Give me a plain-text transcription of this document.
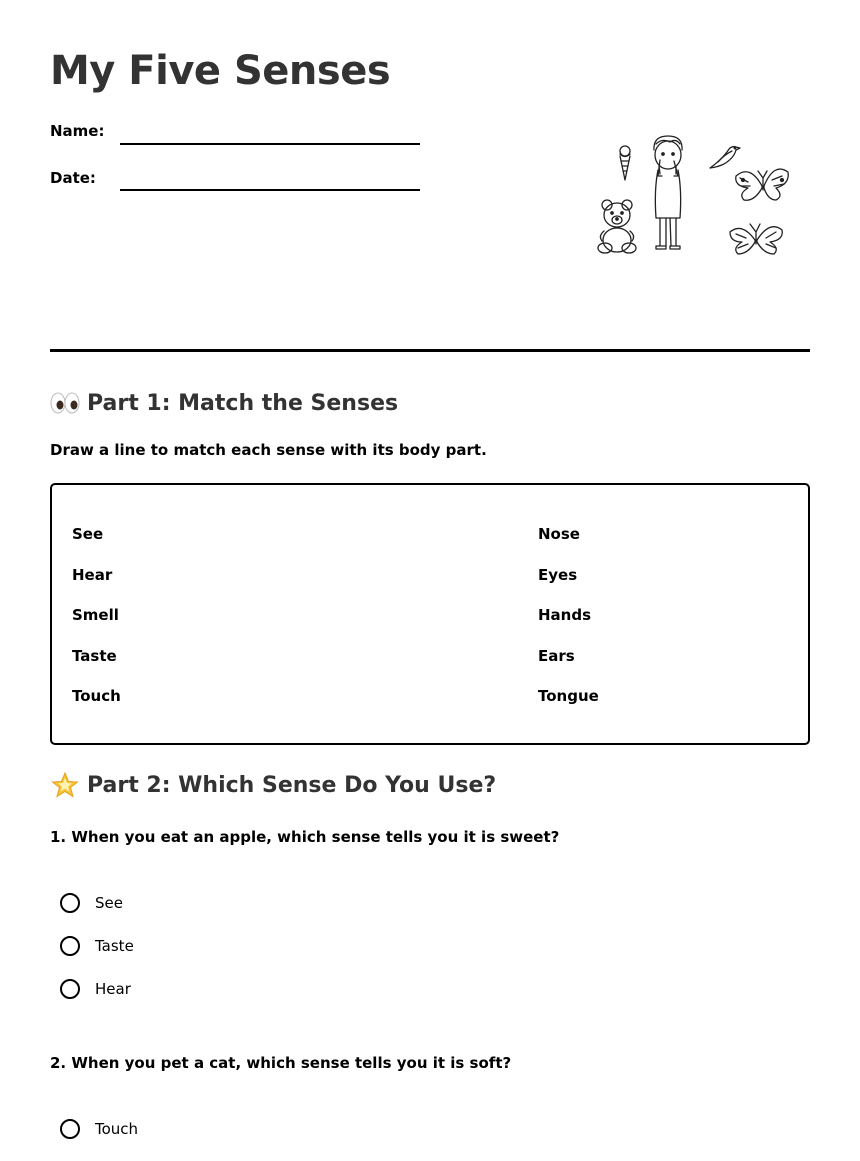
My Five Senses
Name:
Date:
Part 1: Match the Senses
Draw a line to match each sense with its body part.
See
Hear
Smell
Taste
Touch
Nose
Eyes
Hands
Ears
Tongue
Part 2: Which Sense Do You Use?
1. When you eat an apple, which sense tells you it is sweet?
See
Taste
Hear
2. When you pet a cat, which sense tells you it is soft?
Touch
